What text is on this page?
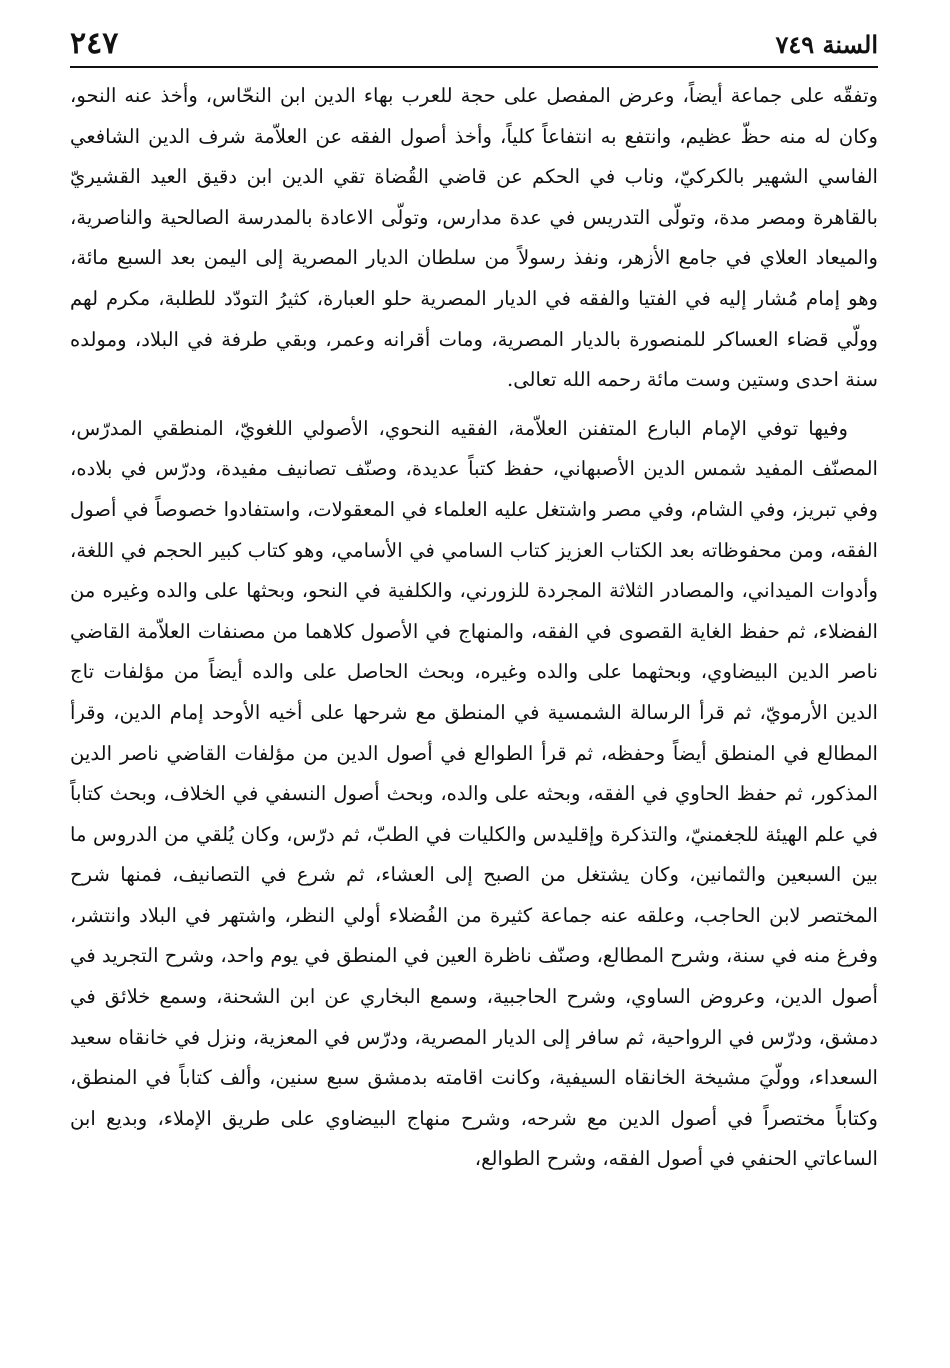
السنة ٧٤٩
٢٤٧

وتفقّه على جماعة أيضاً، وعرض المفصل على حجة للعرب بهاء الدين ابن النحّاس، وأخذ عنه النحو، وكان له منه حظّ عظيم، وانتفع به انتفاعاً كلياً، وأخذ أصول الفقه عن العلاّمة شرف الدين الشافعي الفاسي الشهير بالكركيّ، وناب في الحكم عن قاضي القُضاة تقي الدين ابن دقيق العيد القشيريّ بالقاهرة ومصر مدة، وتولّى التدريس في عدة مدارس، وتولّى الاعادة بالمدرسة الصالحية والناصرية، والميعاد العلاي في جامع الأزهر، ونفذ رسولاً من سلطان الديار المصرية إلى اليمن بعد السبع مائة، وهو إمام مُشار إليه في الفتيا والفقه في الديار المصرية حلو العبارة، كثيرُ التودّد للطلبة، مكرم لهم وولّي قضاء العساكر للمنصورة بالديار المصرية، ومات أقرانه وعمر، وبقي طرفة في البلاد، ومولده سنة احدى وستين وست مائة رحمه الله تعالى.

وفيها توفي الإمام البارع المتفنن العلاّمة، الفقيه النحوي، الأصولي اللغويّ، المنطقي المدرّس، المصنّف المفيد شمس الدين الأصبهاني، حفظ كتباً عديدة، وصنّف تصانيف مفيدة، ودرّس في بلاده، وفي تبريز، وفي الشام، وفي مصر واشتغل عليه العلماء في المعقولات، واستفادوا خصوصاً في أصول الفقه، ومن محفوظاته بعد الكتاب العزيز كتاب السامي في الأسامي، وهو كتاب كبير الحجم في اللغة، وأدوات الميداني، والمصادر الثلاثة المجردة للزورني، والكلفية في النحو، وبحثها على والده وغيره من الفضلاء، ثم حفظ الغاية القصوى في الفقه، والمنهاج في الأصول كلاهما من مصنفات العلاّمة القاضي ناصر الدين البيضاوي، وبحثهما على والده وغيره، وبحث الحاصل على والده أيضاً من مؤلفات تاج الدين الأرمويّ، ثم قرأ الرسالة الشمسية في المنطق مع شرحها على أخيه الأوحد إمام الدين، وقرأ المطالع في المنطق أيضاً وحفظه، ثم قرأ الطوالع في أصول الدين من مؤلفات القاضي ناصر الدين المذكور، ثم حفظ الحاوي في الفقه، وبحثه على والده، وبحث أصول النسفي في الخلاف، وبحث كتاباً في علم الهيئة للجغمنيّ، والتذكرة وإقليدس والكليات في الطبّ، ثم درّس، وكان يُلقي من الدروس ما بين السبعين والثمانين، وكان يشتغل من الصبح إلى العشاء، ثم شرع في التصانيف، فمنها شرح المختصر لابن الحاجب، وعلقه عنه جماعة كثيرة من الفُضلاء أولي النظر، واشتهر في البلاد وانتشر، وفرغ منه في سنة، وشرح المطالع، وصنّف ناظرة العين في المنطق في يوم واحد، وشرح التجريد في أصول الدين، وعروض الساوي، وشرح الحاجبية، وسمع البخاري عن ابن الشحنة، وسمع خلائق في دمشق، ودرّس في الرواحية، ثم سافر إلى الديار المصرية، ودرّس في المعزية، ونزل في خانقاه سعيد السعداء، وولّيَ مشيخة الخانقاه السيفية، وكانت اقامته بدمشق سبع سنين، وألف كتاباً في المنطق، وكتاباً مختصراً في أصول الدين مع شرحه، وشرح منهاج البيضاوي على طريق الإملاء، وبديع ابن الساعاتي الحنفي في أصول الفقه، وشرح الطوالع،
